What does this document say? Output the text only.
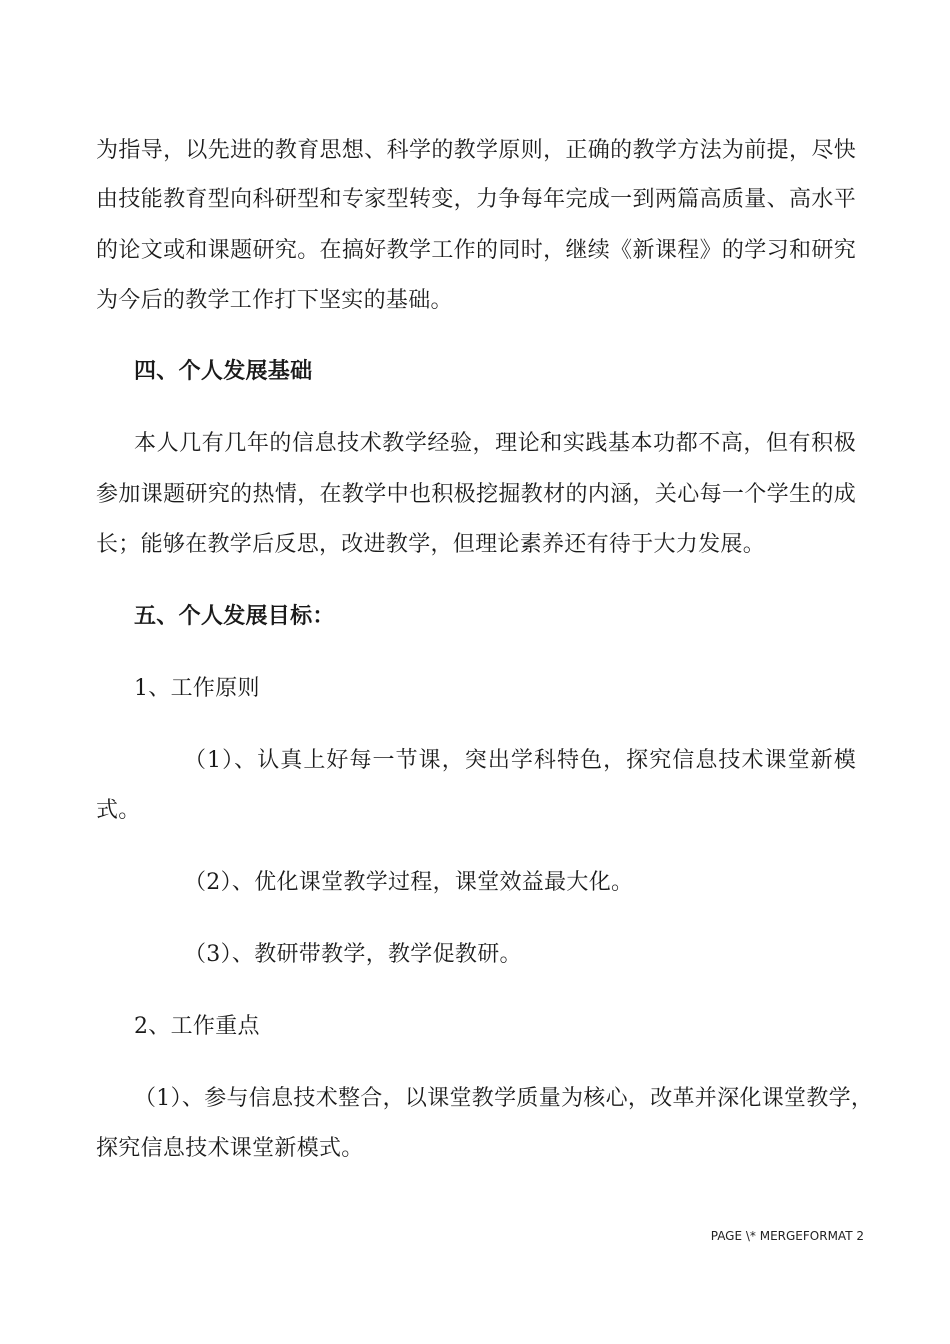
为指导，以先进的教育思想、科学的教学原则，正确的教学方法为前提，尽快
由技能教育型向科研型和专家型转变，力争每年完成一到两篇高质量、高水平
的论文或和课题研究。在搞好教学工作的同时，继续《新课程》的学习和研究
为今后的教学工作打下坚实的基础。
四、个人发展基础
本人几有几年的信息技术教学经验，理论和实践基本功都不高，但有积极
参加课题研究的热情，在教学中也积极挖掘教材的内涵，关心每一个学生的成
长；能够在教学后反思，改进教学，但理论素养还有待于大力发展。
五、个人发展目标：
1、工作原则
（1）、认真上好每一节课，突出学科特色，探究信息技术课堂新模
式。
（2）、优化课堂教学过程，课堂效益最大化。
（3）、教研带教学，教学促教研。
2、工作重点
（1）、参与信息技术整合，以课堂教学质量为核心，改革并深化课堂教学，
探究信息技术课堂新模式。
PAGE \* MERGEFORMAT 2
